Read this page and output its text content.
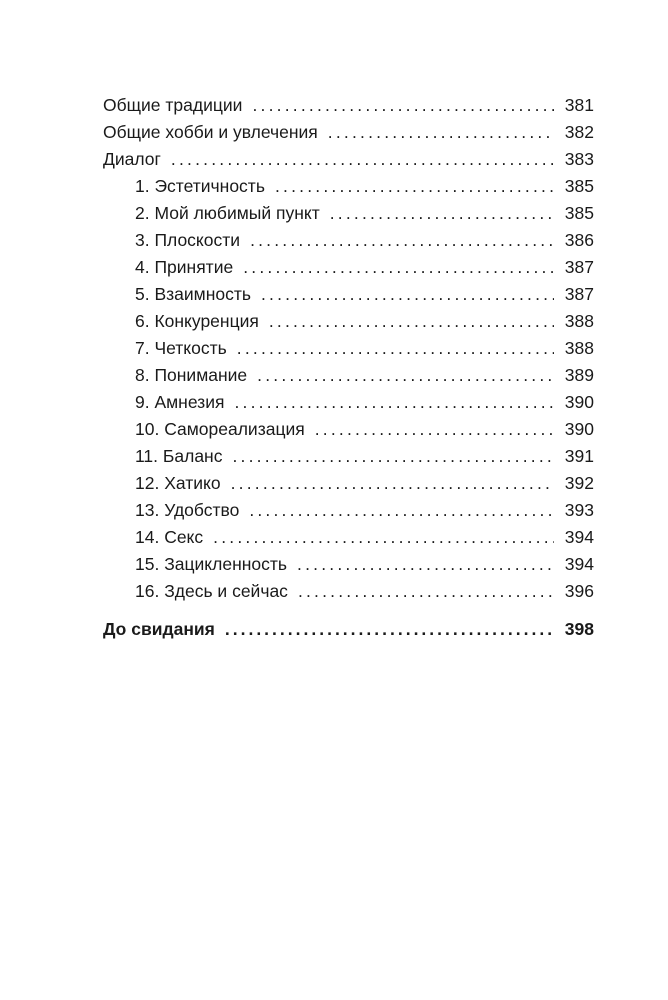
Общие традиции .....	381
Общие хобби и увлечения .....	382
Диалог .....	383
1. Эстетичность .....	385
2. Мой любимый пункт .....	385
3. Плоскости .....	386
4. Принятие .....	387
5. Взаимность .....	387
6. Конкуренция .....	388
7. Четкость .....	388
8. Понимание .....	389
9. Амнезия .....	390
10. Самореализация .....	390
11. Баланс .....	391
12. Хатико .....	392
13. Удобство .....	393
14. Секс .....	394
15. Зацикленность .....	394
16. Здесь и сейчас .....	396
До свидания .....	398
